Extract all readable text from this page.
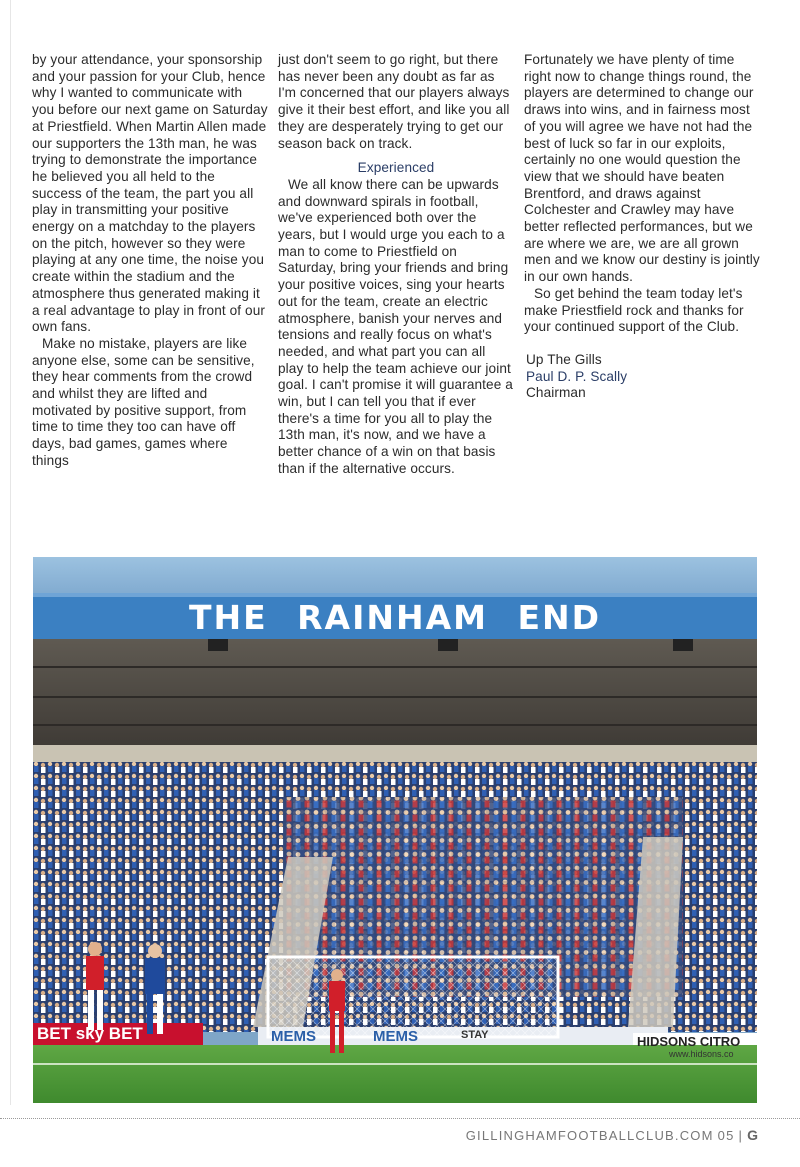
by your attendance, your sponsorship and your passion for your Club, hence why I wanted to communicate with you before our next game on Saturday at Priestfield. When Martin Allen made our supporters the 13th man, he was trying to demonstrate the importance he believed you all held to the success of the team, the part you all play in transmitting your positive energy on a matchday to the players on the pitch, however so they were playing at any one time, the noise you create within the stadium and the atmosphere thus generated making it a real advantage to play in front of our own fans.

Make no mistake, players are like anyone else, some can be sensitive, they hear comments from the crowd and whilst they are lifted and motivated by positive support, from time to time they too can have off days, bad games, games where things

just don't seem to go right, but there has never been any doubt as far as I'm concerned that our players always give it their best effort, and like you all they are desperately trying to get our season back on track.

Experienced

We all know there can be upwards and downward spirals in football, we've experienced both over the years, but I would urge you each to a man to come to Priestfield on Saturday, bring your friends and bring your positive voices, sing your hearts out for the team, create an electric atmosphere, banish your nerves and tensions and really focus on what's needed, and what part you can all play to help the team achieve our joint goal. I can't promise it will guarantee a win, but I can tell you that if ever there's a time for you all to play the 13th man, it's now, and we have a better chance of a win on that basis than if the alternative occurs.

Fortunately we have plenty of time right now to change things round, the players are determined to change our draws into wins, and in fairness most of you will agree we have not had the best of luck so far in our exploits, certainly no one would question the view that we should have beaten Brentford, and draws against Colchester and Crawley may have better reflected performances, but we are where we are, we are all grown men and we know our destiny is jointly in our own hands.

So get behind the team today let's make Priestfield rock and thanks for your continued support of the Club.

Up The Gills
Paul D. P. Scally
Chairman
THE RAINHAM END
BET sky BET	MEMS	MEMS	STAY	HIDSONS CITRO
www.hidsons.co
GILLINGHAMFOOTBALLCLUB.COM 05 | G
